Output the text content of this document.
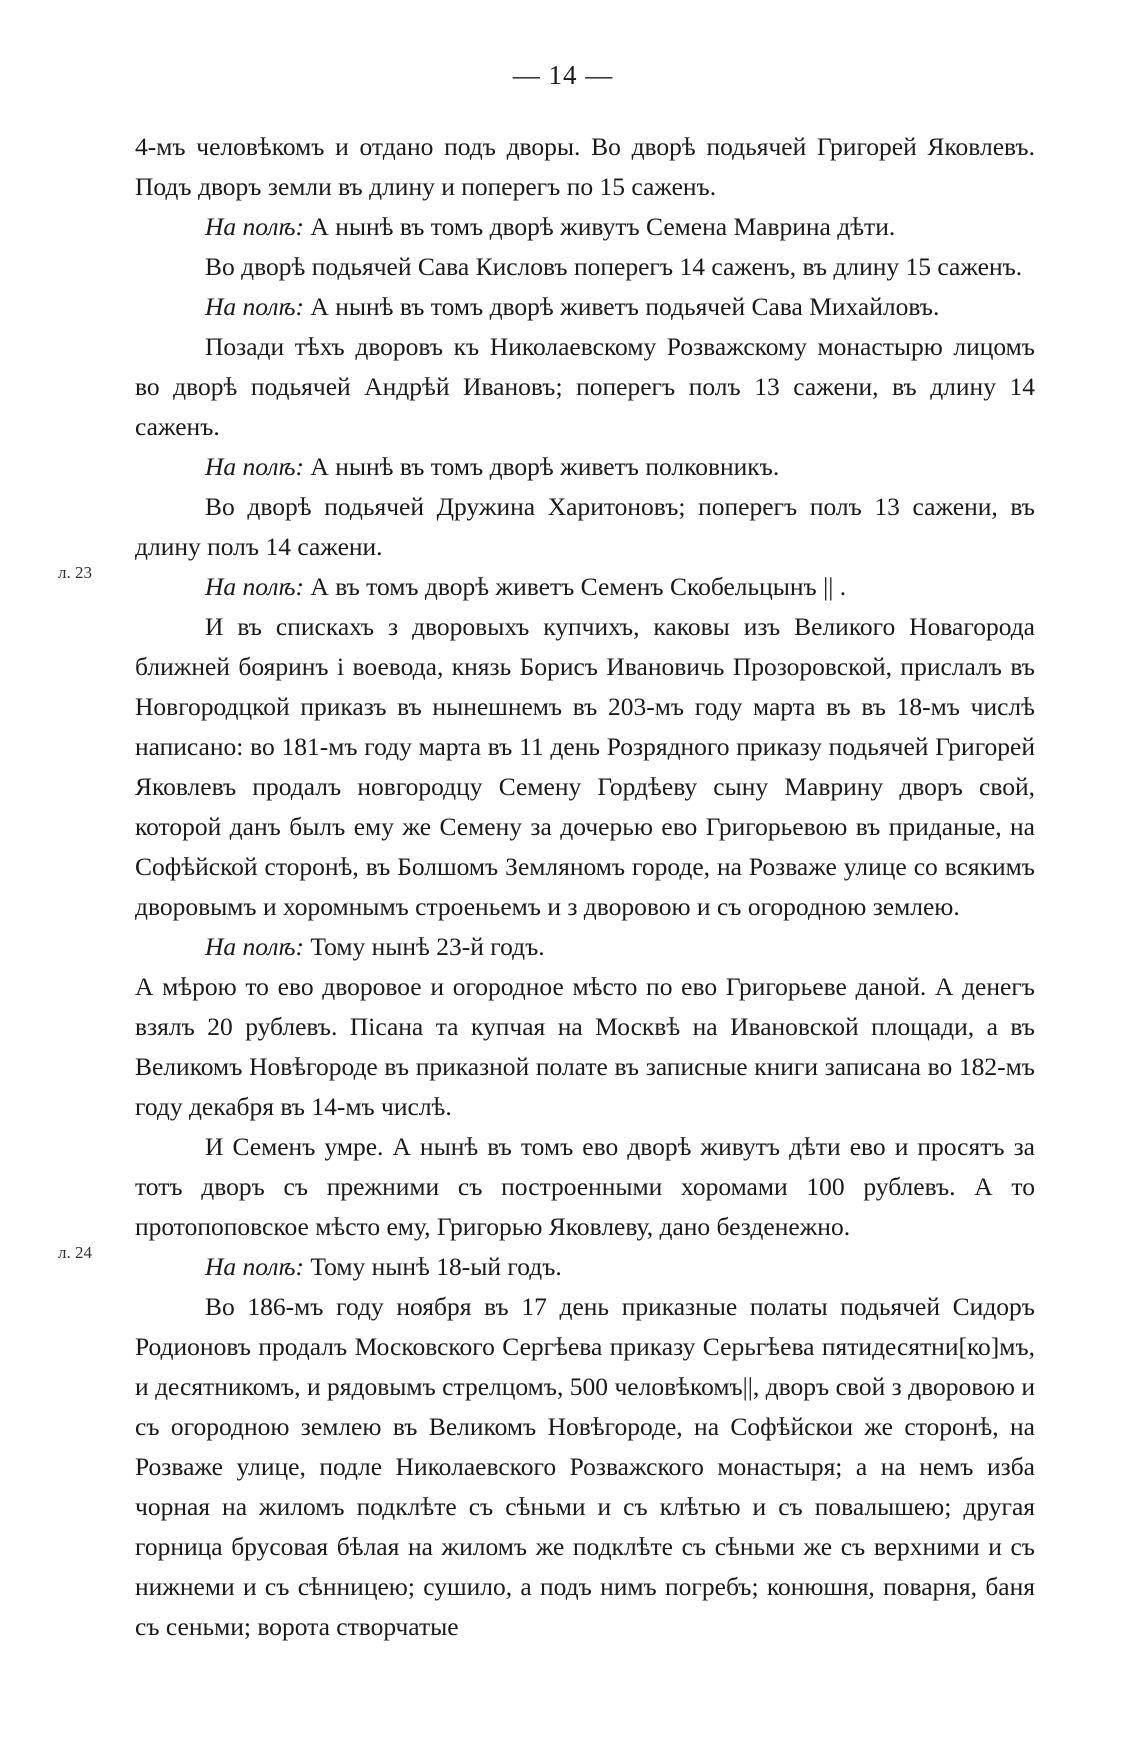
— 14 —
л. 23
л. 24

4-мъ человѣкомъ и отдано подъ дворы. Во дворѣ подьячей Григорей Яковлевъ. Подъ дворъ земли въ длину и поперегъ по 15 саженъ.

На полѣ: А нынѣ въ томъ дворѣ живутъ Семена Маврина дѣти.

Во дворѣ подьячей Сава Кисловъ поперегъ 14 саженъ, въ длину 15 саженъ.

На полѣ: А нынѣ въ томъ дворѣ живетъ подьячей Сава Михайловъ.

Позади тѣхъ дворовъ къ Николаевскому Розважскому монастырю лицомъ во дворѣ подьячей Андрѣй Ивановъ; поперегъ полъ 13 сажени, въ длину 14 саженъ.

На полѣ: А нынѣ въ томъ дворѣ живетъ полковникъ.

Во дворѣ подьячей Дружина Харитоновъ; поперегъ полъ 13 сажени, въ длину полъ 14 сажени.

На полѣ: А въ томъ дворѣ живетъ Семенъ Скобельцынъ || .

И въ спискахъ з дворовыхъ купчихъ, каковы изъ Великого Новагорода ближней бояринъ і воевода, князь Борисъ Ивановичь Прозоровской, прислалъ въ Новгородцкой приказъ въ нынешнемъ въ 203-мъ году марта въ въ 18-мъ числѣ написано: во 181-мъ году марта въ 11 день Розрядного приказу подьячей Григорей Яковлевъ продалъ новгородцу Семену Гордѣеву сыну Маврину дворъ свой, которой данъ былъ ему же Семену за дочерью ево Григорьевою въ приданые, на Софѣйской сторонѣ, въ Болшомъ Земляномъ городе, на Розваже улице со всякимъ дворовымъ и хоромнымъ строеньемъ и з дворовою и съ огородною землею.

На полѣ: Тому нынѣ 23-й годъ.

А мѣрою то ево дворовое и огородное мѣсто по ево Григорьеве даной. А денегъ взялъ 20 рублевъ. Пісана та купчая на Москвѣ на Ивановской площади, а въ Великомъ Новѣгороде въ приказной полате въ записные книги записана во 182-мъ году декабря въ 14-мъ числѣ.

И Семенъ умре. А нынѣ въ томъ ево дворѣ живутъ дѣти ево и просятъ за тотъ дворъ съ прежними съ построенными хоромами 100 рублевъ. А то протопоповское мѣсто ему, Григорью Яковлеву, дано безденежно.

На полѣ: Тому нынѣ 18-ый годъ.

Во 186-мъ году ноября въ 17 день приказные полаты подьячей Сидоръ Родионовъ продалъ Московского Сергѣева приказу Серьгѣева пятидесятни[ко]мъ, и десятникомъ, и рядовымъ стрелцомъ, 500 человѣкомъ||, дворъ свой з дворовою и съ огородною землею въ Великомъ Новѣгороде, на Софѣйскои же сторонѣ, на Розваже улице, подле Николаевского Розважского монастыря; а на немъ изба чорная на жиломъ подклѣте съ сѣньми и съ клѣтью и съ повалышею; другая горница брусовая бѣлая на жиломъ же подклѣте съ сѣньми же съ верхними и съ нижнеми и съ сѣнницею; сушило, а подъ нимъ погребъ; конюшня, поварня, баня съ сеньми; ворота створчатые
